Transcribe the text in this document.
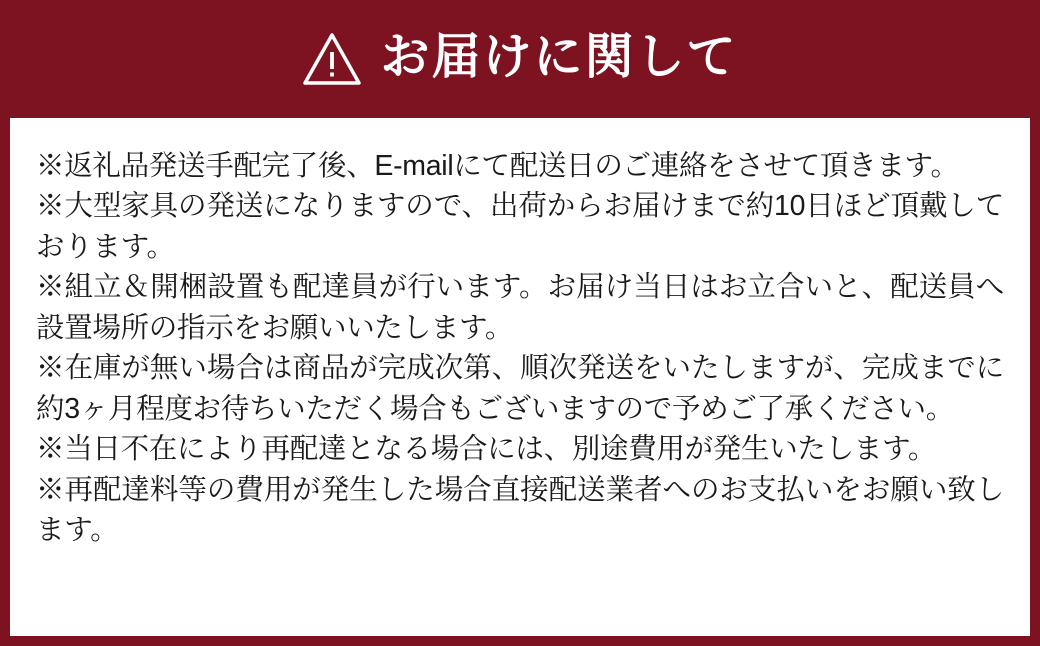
お届けに関して
※返礼品発送手配完了後、E-mailにて配送日のご連絡をさせて頂きます。
※大型家具の発送になりますので、出荷からお届けまで約10日ほど頂戴しております。
※組立＆開梱設置も配達員が行います。お届け当日はお立合いと、配送員へ設置場所の指示をお願いいたします。
※在庫が無い場合は商品が完成次第、順次発送をいたしますが、完成までに約3ヶ月程度お待ちいただく場合もございますので予めご了承ください。
※当日不在により再配達となる場合には、別途費用が発生いたします。
※再配達料等の費用が発生した場合直接配送業者へのお支払いをお願い致します。
